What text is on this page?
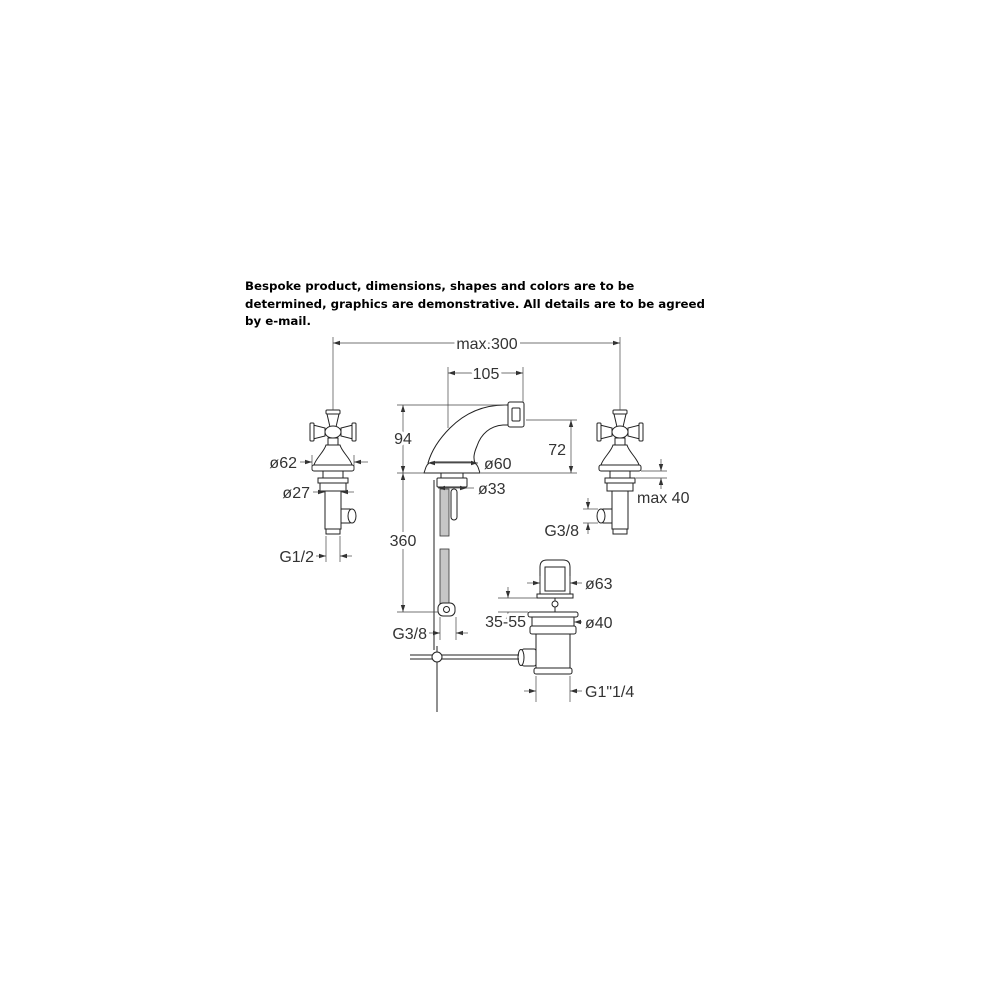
Bespoke product, dimensions, shapes and colors are to be
determined, graphics are demonstrative. All details are to be agreed
by e-mail.
max.300
105
94
360
72
ø60
ø33
G3/8
ø62
ø27
G1/2
max 40
G3/8
ø63
35-55	ø40
G1"1/4
